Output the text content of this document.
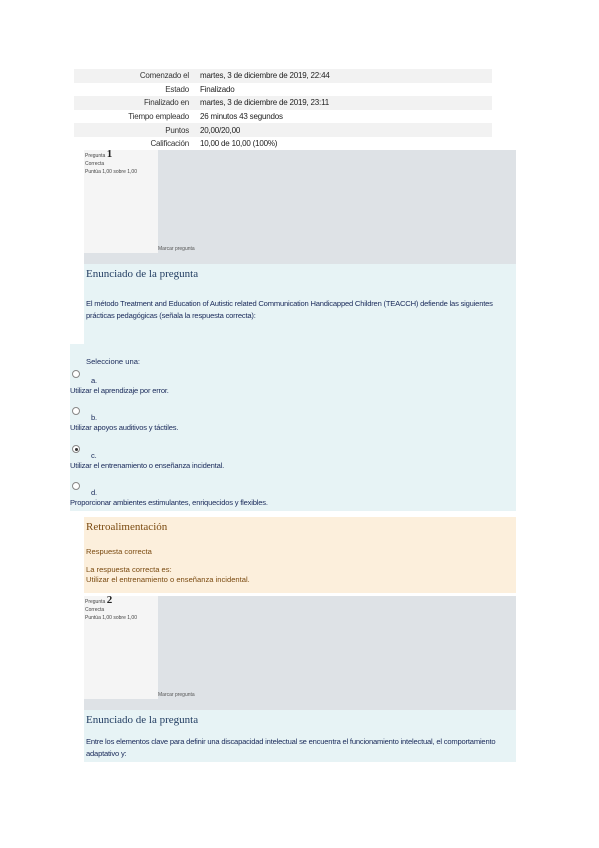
Comenzado el	martes, 3 de diciembre de 2019, 22:44
Estado	Finalizado
Finalizado en	martes, 3 de diciembre de 2019, 23:11
Tiempo empleado	26 minutos 43 segundos
Puntos	20,00/20,00
Calificación	10,00 de 10,00 (100%)
Pregunta 1
Correcta
Puntúa 1,00 sobre 1,00
Marcar pregunta
Enunciado de la pregunta
El método Treatment and Education of Autistic related Communication Handicapped Children (TEACCH) defiende las siguientes prácticas pedagógicas (señala la respuesta correcta):
Seleccione una:
a.
Utilizar el aprendizaje por error.
b.
Utilizar apoyos auditivos y táctiles.
c.
Utilizar el entrenamiento o enseñanza incidental.
d.
Proporcionar ambientes estimulantes, enriquecidos y flexibles.
Retroalimentación
Respuesta correcta
La respuesta correcta es:
Utilizar el entrenamiento o enseñanza incidental.
Pregunta 2
Correcta
Puntúa 1,00 sobre 1,00
Marcar pregunta
Enunciado de la pregunta
Entre los elementos clave para definir una discapacidad intelectual se encuentra el funcionamiento intelectual, el comportamiento adaptativo y:
